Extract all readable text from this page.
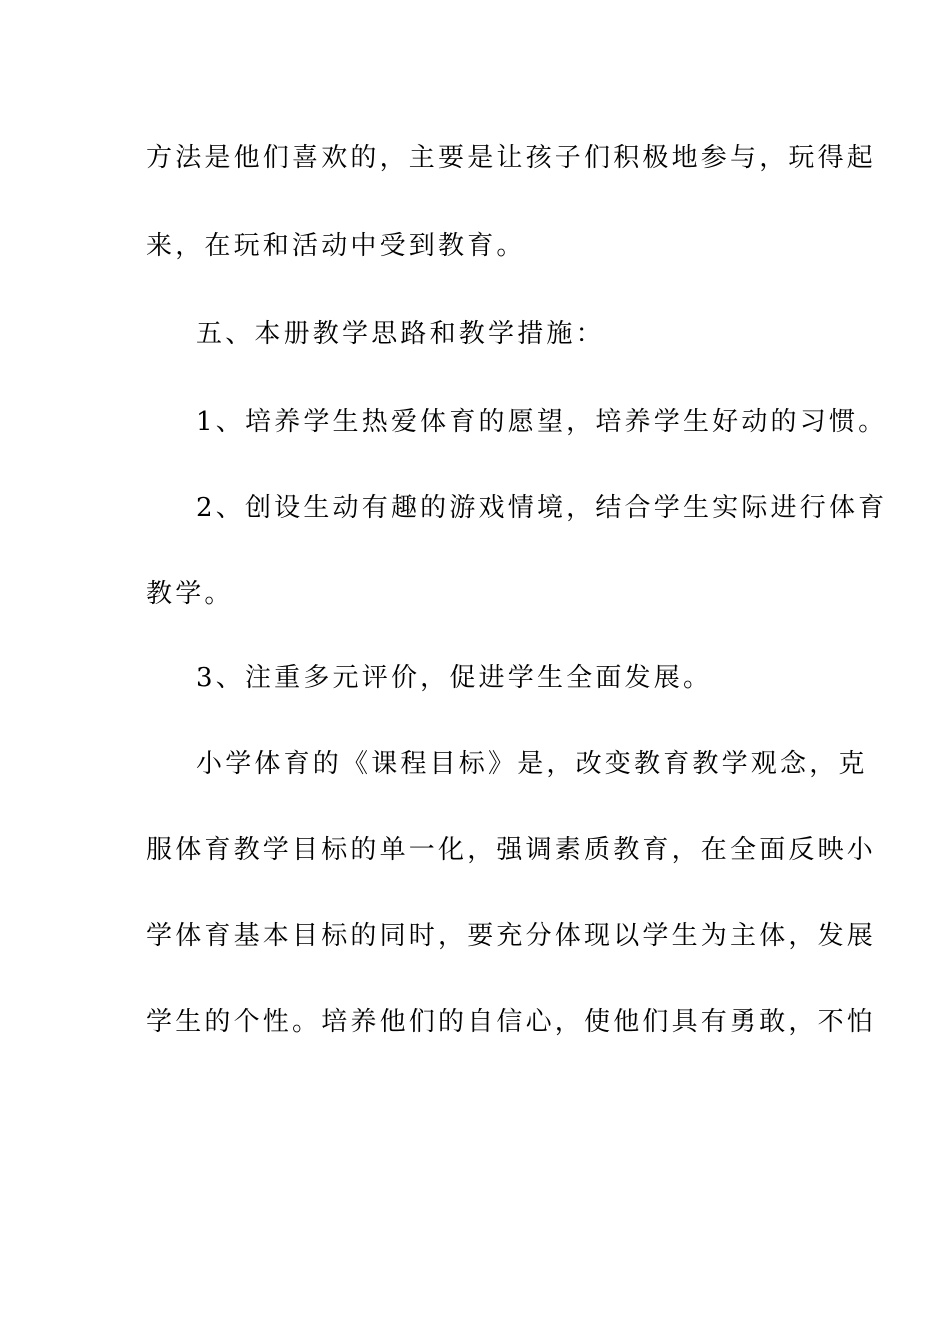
方法是他们喜欢的，主要是让孩子们积极地参与，玩得起
来，在玩和活动中受到教育。
五、本册教学思路和教学措施：
1、培养学生热爱体育的愿望，培养学生好动的习惯。
2、创设生动有趣的游戏情境，结合学生实际进行体育
教学。
3、注重多元评价，促进学生全面发展。
小学体育的《课程目标》是，改变教育教学观念，克
服体育教学目标的单一化，强调素质教育，在全面反映小
学体育基本目标的同时，要充分体现以学生为主体，发展
学生的个性。培养他们的自信心，使他们具有勇敢，不怕
